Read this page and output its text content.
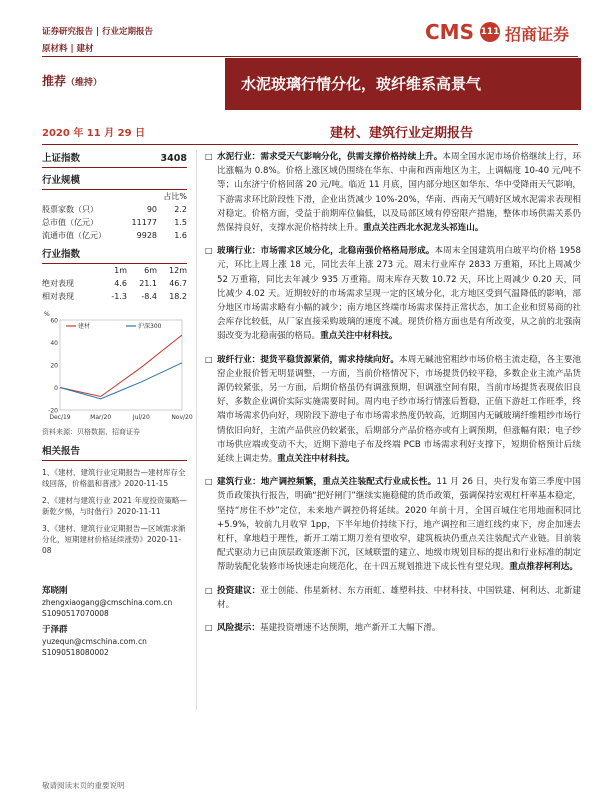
证券研究报告 | 行业定期报告
原材料 | 建材
CMS 111 招商证券
推荐（维持）	水泥玻璃行情分化，玻纤维系高景气
2020 年 11 月 29 日	建材、建筑行业定期报告
上证指数	3408
行业规模
占比%
股票家数（只）	90	2.2
总市值（亿元）	11177	1.5
流通市值（亿元）	9928	1.6
行业指数
1m	6m	12m
绝对表现	4.6	21.1	46.7
相对表现	-1.3	-8.4	18.2
60
40
20
0
-20
%
Dec/19	Mar/20	Jul/20	Nov/20
建材	沪深300
资料来源：贝格数据、招商证券
相关报告
1、《建材、建筑行业定期报告—建材库存全线回落，价格温和普涨》2020-11-15
2、《建材与建筑行业 2021 年度投资策略—新乾夕惕，与时偕行》2020-11-11
3、《建材、建筑行业定期报告—区域需求渐分化，短期建材价格延续涨势》2020-11-08
郑晓刚
zhengxiaogang@cmschina.com.cn
S1090517070008
于泽群
yuzequn@cmschina.com.cn
S1090518080002
□ 水泥行业：需求受天气影响分化，供需支撑价格持续上升。本周全国水泥市场价格继续上行，环比涨幅为 0.8%。价格上涨区域仍围绕在华东、中南和西南地区为主，上调幅度 10-40 元/吨不等；山东济宁价格回落 20 元/吨。临近 11 月底，国内部分地区如华东、华中受降雨天气影响，下游需求环比阶段性下滑，企业出货减少 10%-20%，华南、西南天气晴好区域水泥需求表现相对稳定。价格方面，受益于前期库位偏低，以及局部区域有停窑限产措施，整体市场供需关系仍然保持良好，支撑水泥价格持续上升。重点关注西北水泥龙头祁连山。
□ 玻璃行业：市场需求区域分化，北稳南强价格格局形成。本周末全国建筑用白玻平均价格 1958 元，环比上周上涨 18 元，同比去年上涨 273 元。周末行业库存 2833 万重箱，环比上周减少 52 万重箱，同比去年减少 935 万重箱。周末库存天数 10.72 天，环比上周减少 0.20 天，同比减少 4.02 天。近期较好的市场需求呈现一定的区域分化，北方地区受到气温降低的影响，部分地区市场需求略有小幅的减少；南方地区终端市场需求保持正常状态，加工企业和贸易商的社会库存比较低，从厂家直接采购玻璃的速度不减。现货价格方面也是有所改变，从之前的北强南弱改变为北稳南强的格局。重点关注中材科技。
□ 玻纤行业：提货平稳货源紧俏，需求持续向好。本周无碱池窑粗纱市场价格主流走稳，各主要池窑企业报价暂无明显调整，一方面，当前价格情况下，市场提货仍较平稳，多数企业主流产品货源仍较紧张，另一方面，后期价格虽仍有调涨预期，但调涨空间有限，当前市场提货表现依旧良好，多数企业调价实际实施需要时间。周内电子纱市场行情涨后暂稳，正值下游赶工作旺季，终端市场需求仍向好，现阶段下游电子布市场需求热度仍较高，近期国内无碱玻璃纤维粗纱市场行情依旧向好，主流产品供应仍较紧张，后期部分产品价格亦或有上调预期，但涨幅有限；电子纱市场供应端或变动不大，近期下游电子布及终端 PCB 市场需求利好支撑下，短期价格预计后续延续上调走势。重点关注中材科技。
□ 建筑行业：地产调控频繁，重点关注装配式行业成长性。11 月 26 日，央行发布第三季度中国货币政策执行报告，明确“把好闸门”继续实施稳健的货币政策，强调保持宏观杠杆率基本稳定，坚持“房住不炒”定位，未来地产调控仍将延续。2020 年前十月，全国百城住宅用地面积同比+5.9%，较前九月收窄 1pp，下半年地价持续下行，地产调控和三道红线约束下，房企加速去杠杆，拿地趋于理性，新开工端工期刀差有望收窄，建筑板块仍重点关注装配式产业链。目前装配式驱动力已由顶层政策逐渐下沉，区域联盟的建立、地级市规划目标的提出和行业标准的制定帮助装配化装修市场快速走向规范化，在十四五规划推进下成长性有望兑现。重点推荐柯利达。
□ 投资建议：亚士创能、伟星新材、东方雨虹、雄塑科技、中材科技、中国铁建、柯利达、北新建材。
□ 风险提示：基建投资增速不达预期，地产新开工大幅下滑。
敬请阅读末页的重要说明
